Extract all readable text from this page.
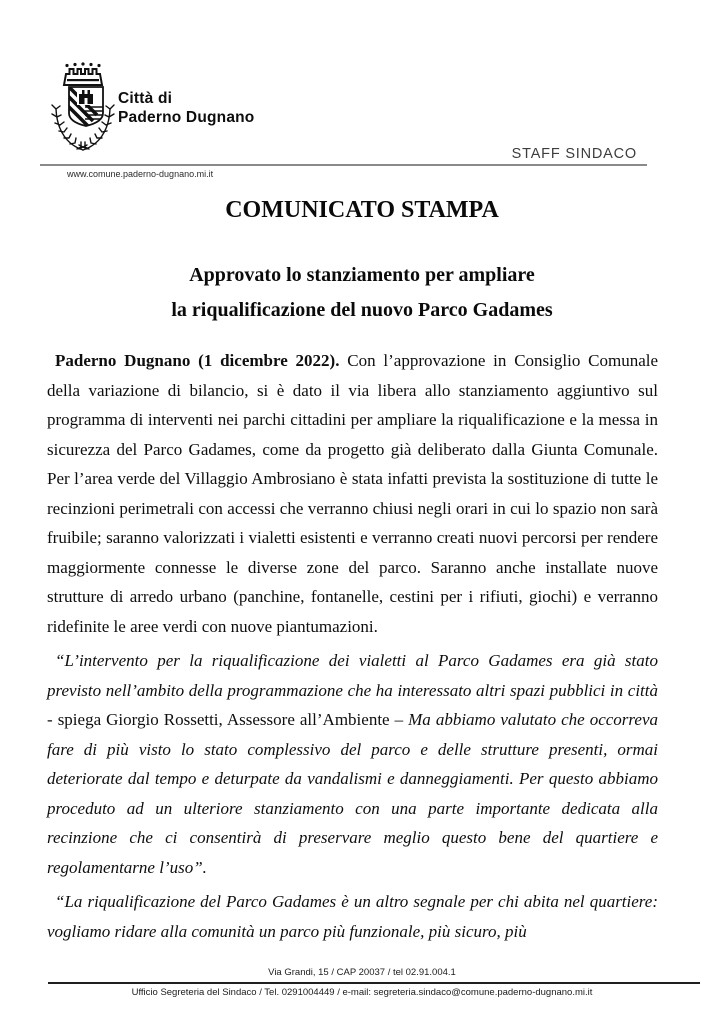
Città di
Paderno Dugnano
STAFF SINDACO
www.comune.paderno-dugnano.mi.it
COMUNICATO STAMPA
Approvato lo stanziamento per ampliare
la riqualificazione del nuovo Parco Gadames

Paderno Dugnano (1 dicembre 2022). Con l’approvazione in Consiglio Comunale della variazione di bilancio, si è dato il via libera allo stanziamento aggiuntivo sul programma di interventi nei parchi cittadini per ampliare la riqualificazione e la messa in sicurezza del Parco Gadames, come da progetto già deliberato dalla Giunta Comunale. Per l’area verde del Villaggio Ambrosiano è stata infatti prevista la sostituzione di tutte le recinzioni perimetrali con accessi che verranno chiusi negli orari in cui lo spazio non sarà fruibile; saranno valorizzati i vialetti esistenti e verranno creati nuovi percorsi per rendere maggiormente connesse le diverse zone del parco. Saranno anche installate nuove strutture di arredo urbano (panchine, fontanelle, cestini per i rifiuti, giochi) e verranno ridefinite le aree verdi con nuove piantumazioni.

“L’intervento per la riqualificazione dei vialetti al Parco Gadames era già stato previsto nell’ambito della programmazione che ha interessato altri spazi pubblici in città - spiega Giorgio Rossetti, Assessore all’Ambiente – Ma abbiamo valutato che occorreva fare di più visto lo stato complessivo del parco e delle strutture presenti, ormai deteriorate dal tempo e deturpate da vandalismi e danneggiamenti. Per questo abbiamo proceduto ad un ulteriore stanziamento con una parte importante dedicata alla recinzione che ci consentirà di preservare meglio questo bene del quartiere e regolamentarne l’uso”.

“La riqualificazione del Parco Gadames è un altro segnale per chi abita nel quartiere: vogliamo ridare alla comunità un parco più funzionale, più sicuro, più

Via Grandi, 15 / CAP 20037 / tel 02.91.004.1
Ufficio Segreteria del Sindaco / Tel. 0291004449 / e-mail: segreteria.sindaco@comune.paderno-dugnano.mi.it
